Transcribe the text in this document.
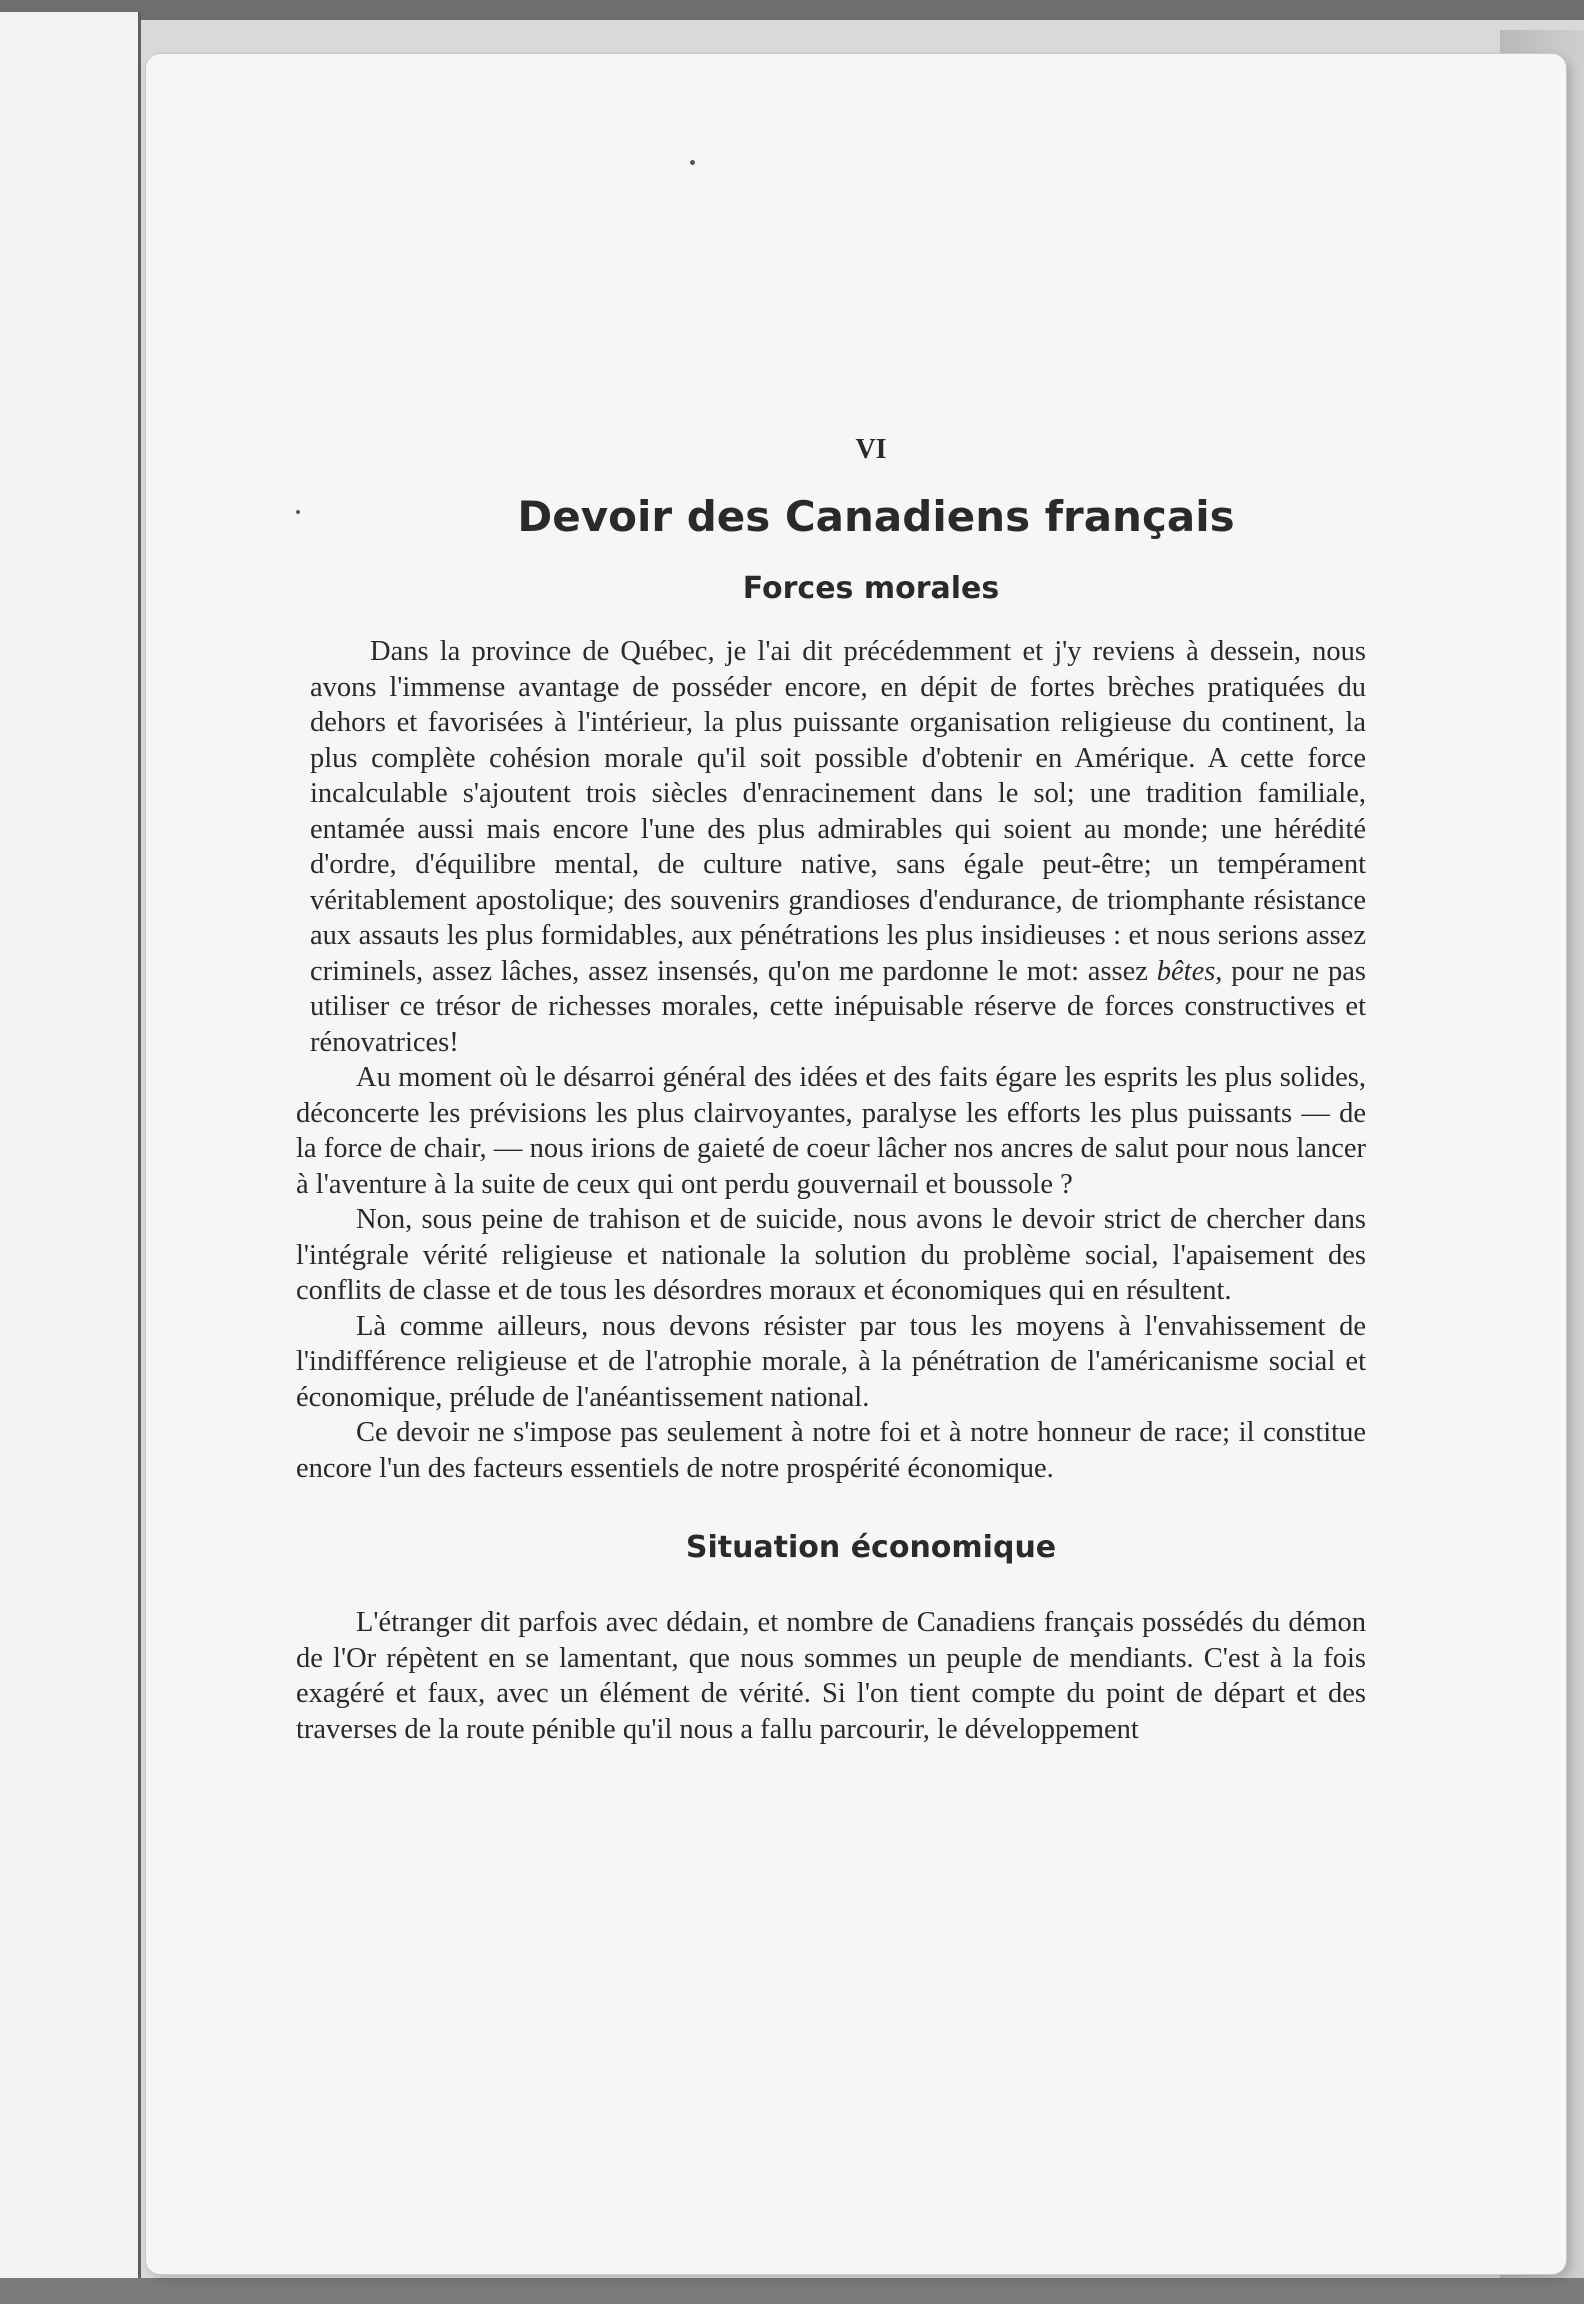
VI
Devoir des Canadiens français
Forces morales

Dans la province de Québec, je l'ai dit précédemment et j'y reviens à dessein, nous avons l'immense avantage de posséder encore, en dépit de fortes brèches pratiquées du dehors et favorisées à l'intérieur, la plus puissante organisation religieuse du continent, la plus complète cohésion morale qu'il soit possible d'obtenir en Amérique. A cette force incalculable s'ajoutent trois siècles d'enracinement dans le sol; une tradition familiale, entamée aussi mais encore l'une des plus admirables qui soient au monde; une hérédité d'ordre, d'équilibre mental, de culture native, sans égale peut-être; un tempérament véritablement apostolique; des souvenirs grandioses d'endurance, de triomphante résistance aux assauts les plus formidables, aux pénétrations les plus insidieuses : et nous serions assez criminels, assez lâches, assez insensés, qu'on me pardonne le mot: assez bêtes, pour ne pas utiliser ce trésor de richesses morales, cette inépuisable réserve de forces constructives et rénovatrices!

Au moment où le désarroi général des idées et des faits égare les esprits les plus solides, déconcerte les prévisions les plus clairvoyantes, paralyse les efforts les plus puissants — de la force de chair, — nous irions de gaieté de coeur lâcher nos ancres de salut pour nous lancer à l'aventure à la suite de ceux qui ont perdu gouvernail et boussole ?

Non, sous peine de trahison et de suicide, nous avons le devoir strict de chercher dans l'intégrale vérité religieuse et nationale la solution du problème social, l'apaisement des conflits de classe et de tous les désordres moraux et économiques qui en résultent.

Là comme ailleurs, nous devons résister par tous les moyens à l'envahissement de l'indifférence religieuse et de l'atrophie morale, à la pénétration de l'américanisme social et économique, prélude de l'anéantissement national.

Ce devoir ne s'impose pas seulement à notre foi et à notre honneur de race; il constitue encore l'un des facteurs essentiels de notre prospérité économique.

Situation économique

L'étranger dit parfois avec dédain, et nombre de Canadiens français possédés du démon de l'Or répètent en se lamentant, que nous sommes un peuple de mendiants. C'est à la fois exagéré et faux, avec un élément de vérité. Si l'on tient compte du point de départ et des traverses de la route pénible qu'il nous a fallu parcourir, le développement
